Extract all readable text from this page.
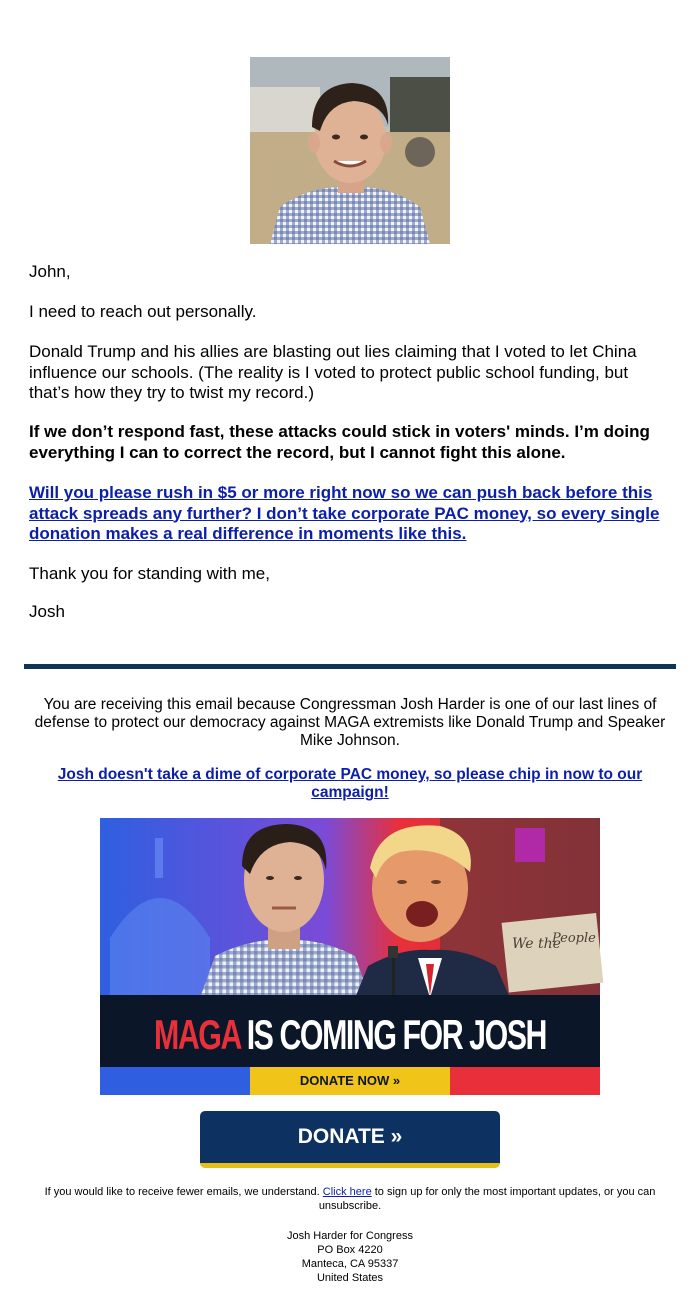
John,

I need to reach out personally.

Donald Trump and his allies are blasting out lies claiming that I voted to let China influence our schools. (The reality is I voted to protect public school funding, but that’s how they try to twist my record.)

If we don’t respond fast, these attacks could stick in voters' minds. I’m doing everything I can to correct the record, but I cannot fight this alone.

Will you please rush in $5 or more right now so we can push back before this attack spreads any further? I don’t take corporate PAC money, so every single donation makes a real difference in moments like this.

Thank you for standing with me,

Josh

You are receiving this email because Congressman Josh Harder is one of our last lines of defense to protect our democracy against MAGA extremists like Donald Trump and Speaker Mike Johnson.

Josh doesn't take a dime of corporate PAC money, so please chip in now to our campaign!

We the
People
MAGAIS COMING FOR JOSH
DONATE NOW »
DONATE »

If you would like to receive fewer emails, we understand. Click here to sign up for only the most important updates, or you can unsubscribe.

Josh Harder for Congress
PO Box 4220
Manteca, CA 95337
United States
